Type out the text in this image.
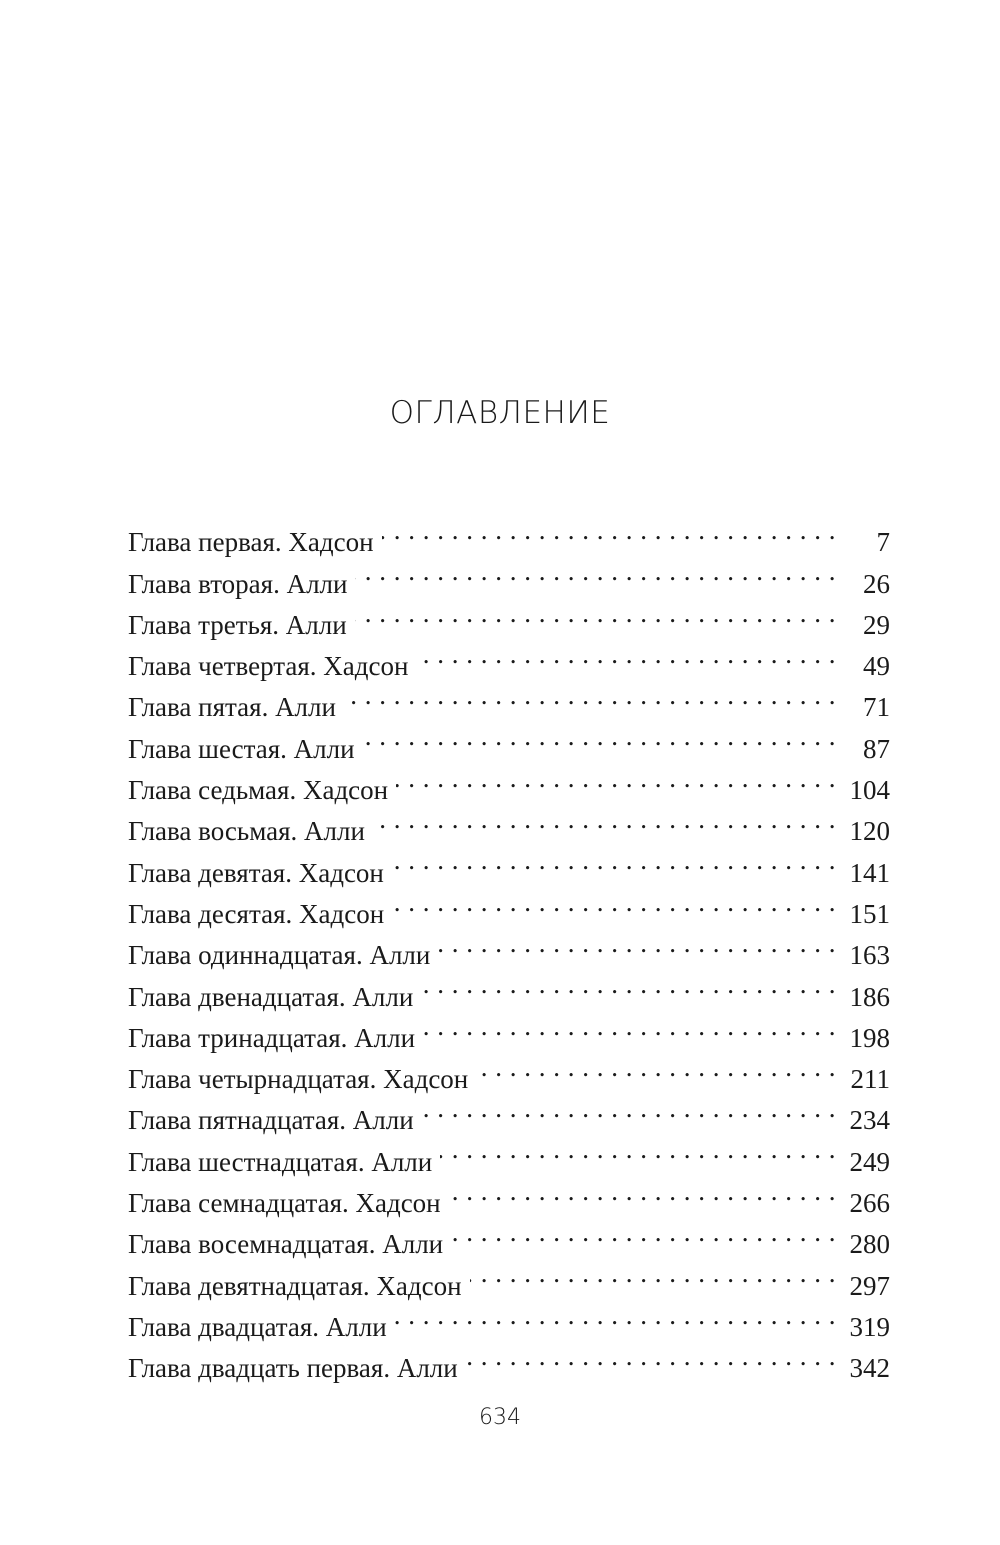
ОГЛАВЛЕНИЕ
Глава первая. Хадсон . . .	7
Глава вторая. Алли . . .	26
Глава третья. Алли . . .	29
Глава четвертая. Хадсон . . .	49
Глава пятая. Алли . . .	71
Глава шестая. Алли . . .	87
Глава седьмая. Хадсон . . .	104
Глава восьмая. Алли . . .	120
Глава девятая. Хадсон . . .	141
Глава десятая. Хадсон . . .	151
Глава одиннадцатая. Алли . . .	163
Глава двенадцатая. Алли . . .	186
Глава тринадцатая. Алли . . .	198
Глава четырнадцатая. Хадсон . . .	211
Глава пятнадцатая. Алли . . .	234
Глава шестнадцатая. Алли . . .	249
Глава семнадцатая. Хадсон . . .	266
Глава восемнадцатая. Алли . . .	280
Глава девятнадцатая. Хадсон . . .	297
Глава двадцатая. Алли . . .	319
Глава двадцать первая. Алли . . .	342
634
